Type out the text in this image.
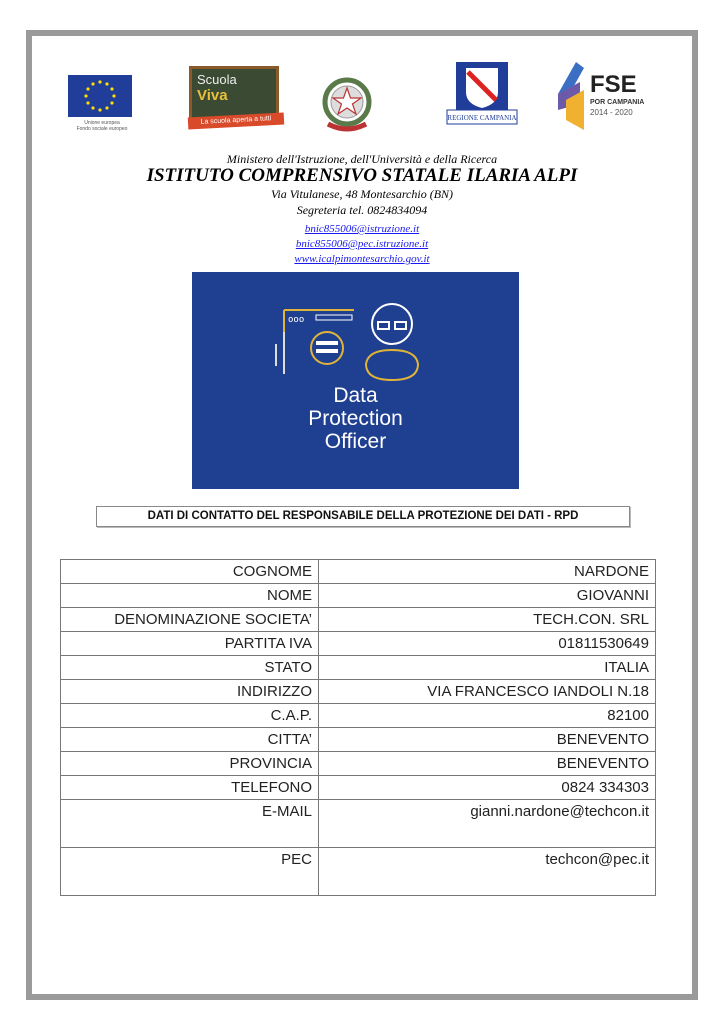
Unione europea
Fondo sociale europeo
Scuola
Viva
La scuola aperta a tutti	REGIONE CAMPANIA
FSE
POR CAMPANIA
2014 - 2020
Ministero dell'Istruzione, dell'Università e della Ricerca
ISTITUTO COMPRENSIVO STATALE ILARIA ALPI
Via Vitulanese, 48 Montesarchio (BN)
Segreteria tel. 0824834094
bnic855006@istruzione.it
bnic855006@pec.istruzione.it
www.icalpimontesarchio.gov.it
ooo
Data
Protection
Officer
DATI DI CONTATTO DEL RESPONSABILE DELLA PROTEZIONE DEI DATI - RPD
COGNOME	NARDONE
NOME	GIOVANNI
DENOMINAZIONE SOCIETA’	TECH.CON. SRL
PARTITA IVA	01811530649
STATO	ITALIA
INDIRIZZO	VIA FRANCESCO IANDOLI N.18
C.A.P.	82100
CITTA’	BENEVENTO
PROVINCIA	BENEVENTO
TELEFONO	0824 334303
E-MAIL	gianni.nardone@techcon.it
PEC	techcon@pec.it
